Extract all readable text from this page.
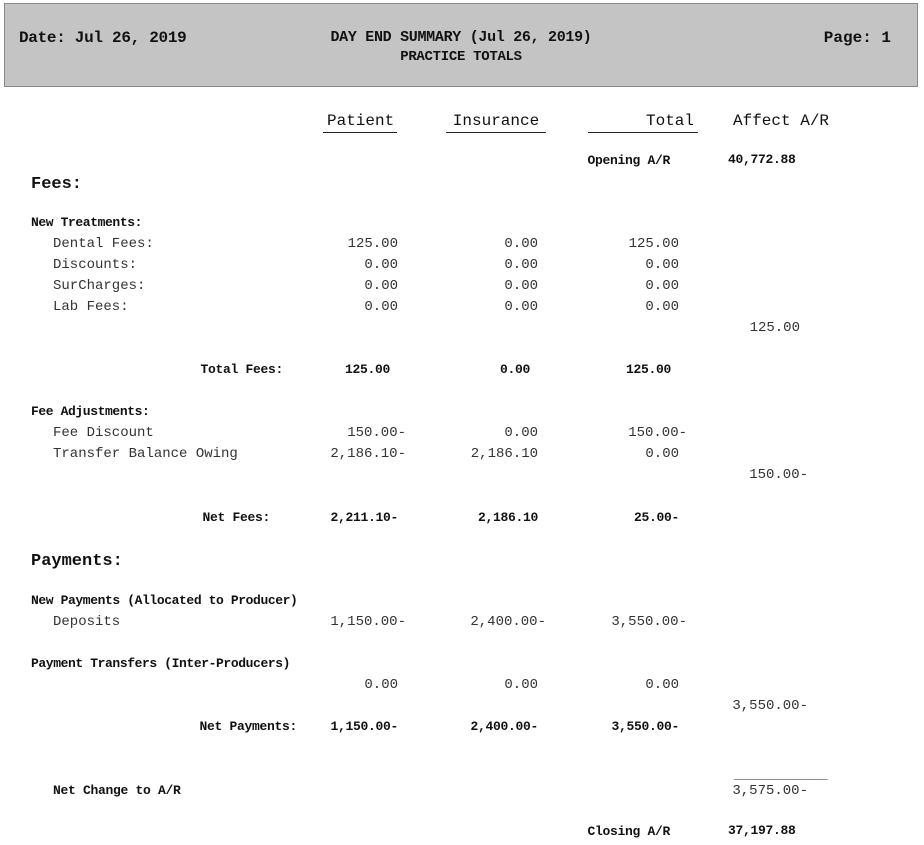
Date: Jul 26, 2019	DAY END SUMMARY (Jul 26, 2019)
PRACTICE TOTALS
Page: 1
Patient	Insurance	Total Affect A/R
Opening A/R	40,772.88
Fees:
New Treatments:
Dental Fees:	125.00	0.00	125.00
Discounts:	0.00	0.00	0.00
SurCharges:	0.00	0.00	0.00
Lab Fees:	0.00	0.00	0.00
125.00
Total Fees:	125.00	0.00	125.00
Fee Adjustments:
Fee Discount	150.00-	0.00	150.00-
Transfer Balance Owing	2,186.10-	2,186.10	0.00
150.00-
Net Fees:	2,211.10-	2,186.10	25.00-
Payments:
New Payments (Allocated to Producer)
Deposits	1,150.00-	2,400.00-	3,550.00-
Payment Transfers (Inter-Producers)
0.00	0.00	0.00
3,550.00-
Net Payments:	1,150.00-	2,400.00-	3,550.00-
____________
Net Change to A/R	3,575.00-
Closing A/R	37,197.88
